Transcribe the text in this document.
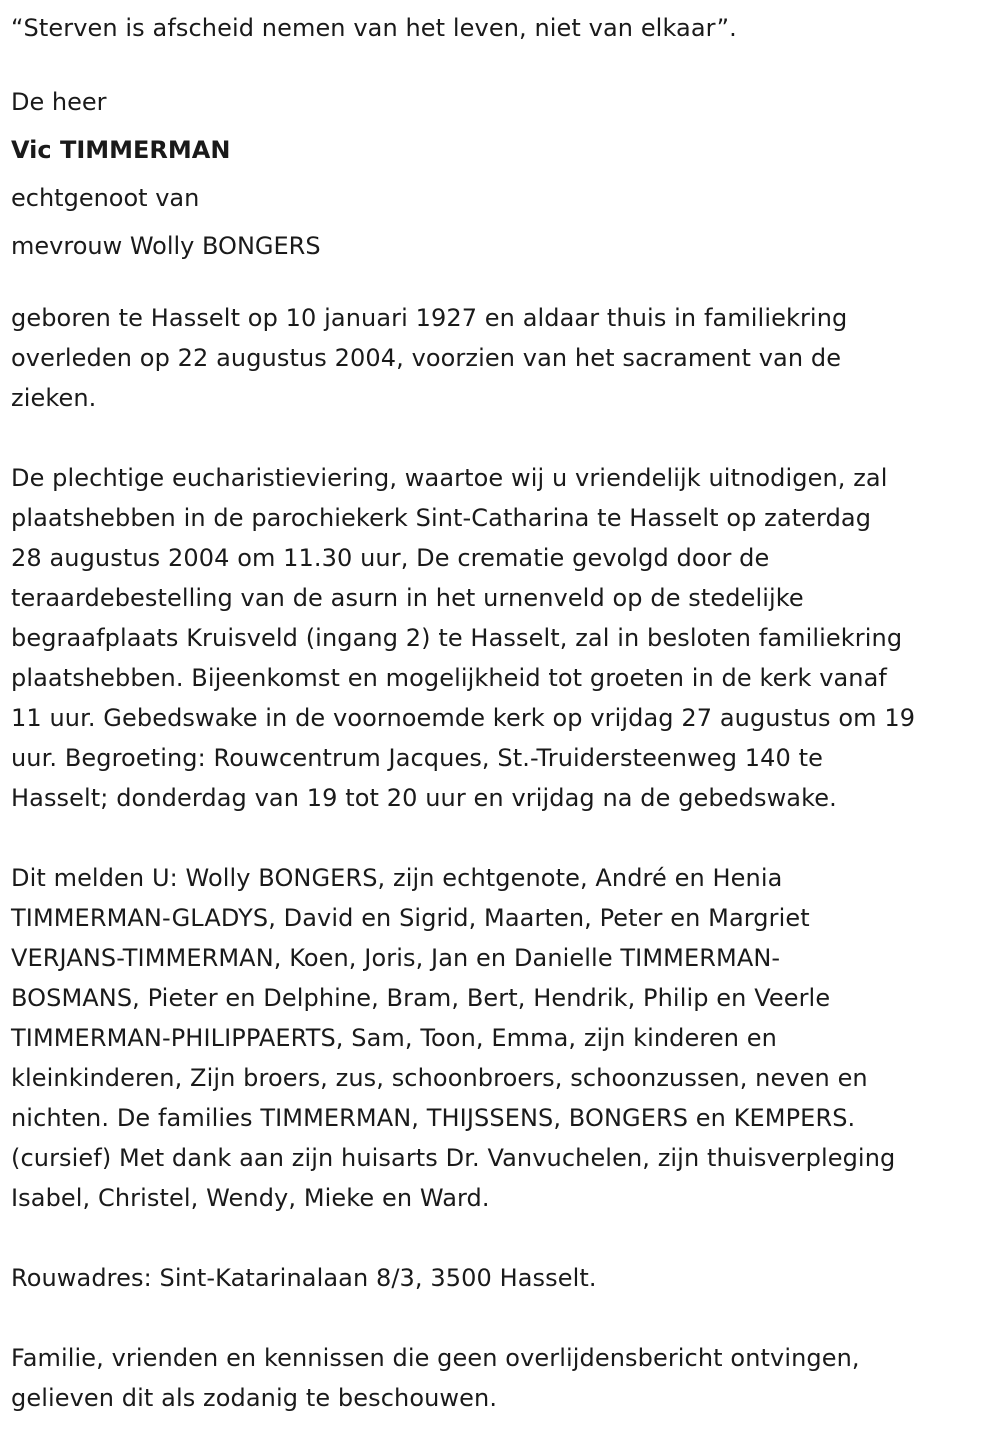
“Sterven is afscheid nemen van het leven, niet van elkaar”.
De heer
Vic TIMMERMAN
echtgenoot van
mevrouw Wolly BONGERS
geboren te Hasselt op 10 januari 1927 en aldaar thuis in familiekring
overleden op 22 augustus 2004, voorzien van het sacrament van de
zieken.
De plechtige eucharistieviering, waartoe wij u vriendelijk uitnodigen, zal
plaatshebben in de parochiekerk Sint-Catharina te Hasselt op zaterdag
28 augustus 2004 om 11.30 uur, De crematie gevolgd door de
teraardebestelling van de asurn in het urnenveld op de stedelijke
begraafplaats Kruisveld (ingang 2) te Hasselt, zal in besloten familiekring
plaatshebben. Bijeenkomst en mogelijkheid tot groeten in de kerk vanaf
11 uur. Gebedswake in de voornoemde kerk op vrijdag 27 augustus om 19
uur. Begroeting: Rouwcentrum Jacques, St.-Truidersteenweg 140 te
Hasselt; donderdag van 19 tot 20 uur en vrijdag na de gebedswake.
Dit melden U: Wolly BONGERS, zijn echtgenote, André en Henia
TIMMERMAN-GLADYS, David en Sigrid, Maarten, Peter en Margriet
VERJANS-TIMMERMAN, Koen, Joris, Jan en Danielle TIMMERMAN-
BOSMANS, Pieter en Delphine, Bram, Bert, Hendrik, Philip en Veerle
TIMMERMAN-PHILIPPAERTS, Sam, Toon, Emma, zijn kinderen en
kleinkinderen, Zijn broers, zus, schoonbroers, schoonzussen, neven en
nichten. De families TIMMERMAN, THIJSSENS, BONGERS en KEMPERS.
(cursief) Met dank aan zijn huisarts Dr. Vanvuchelen, zijn thuisverpleging
Isabel, Christel, Wendy, Mieke en Ward.
Rouwadres: Sint-Katarinalaan 8/3, 3500 Hasselt.
Familie, vrienden en kennissen die geen overlijdensbericht ontvingen,
gelieven dit als zodanig te beschouwen.
